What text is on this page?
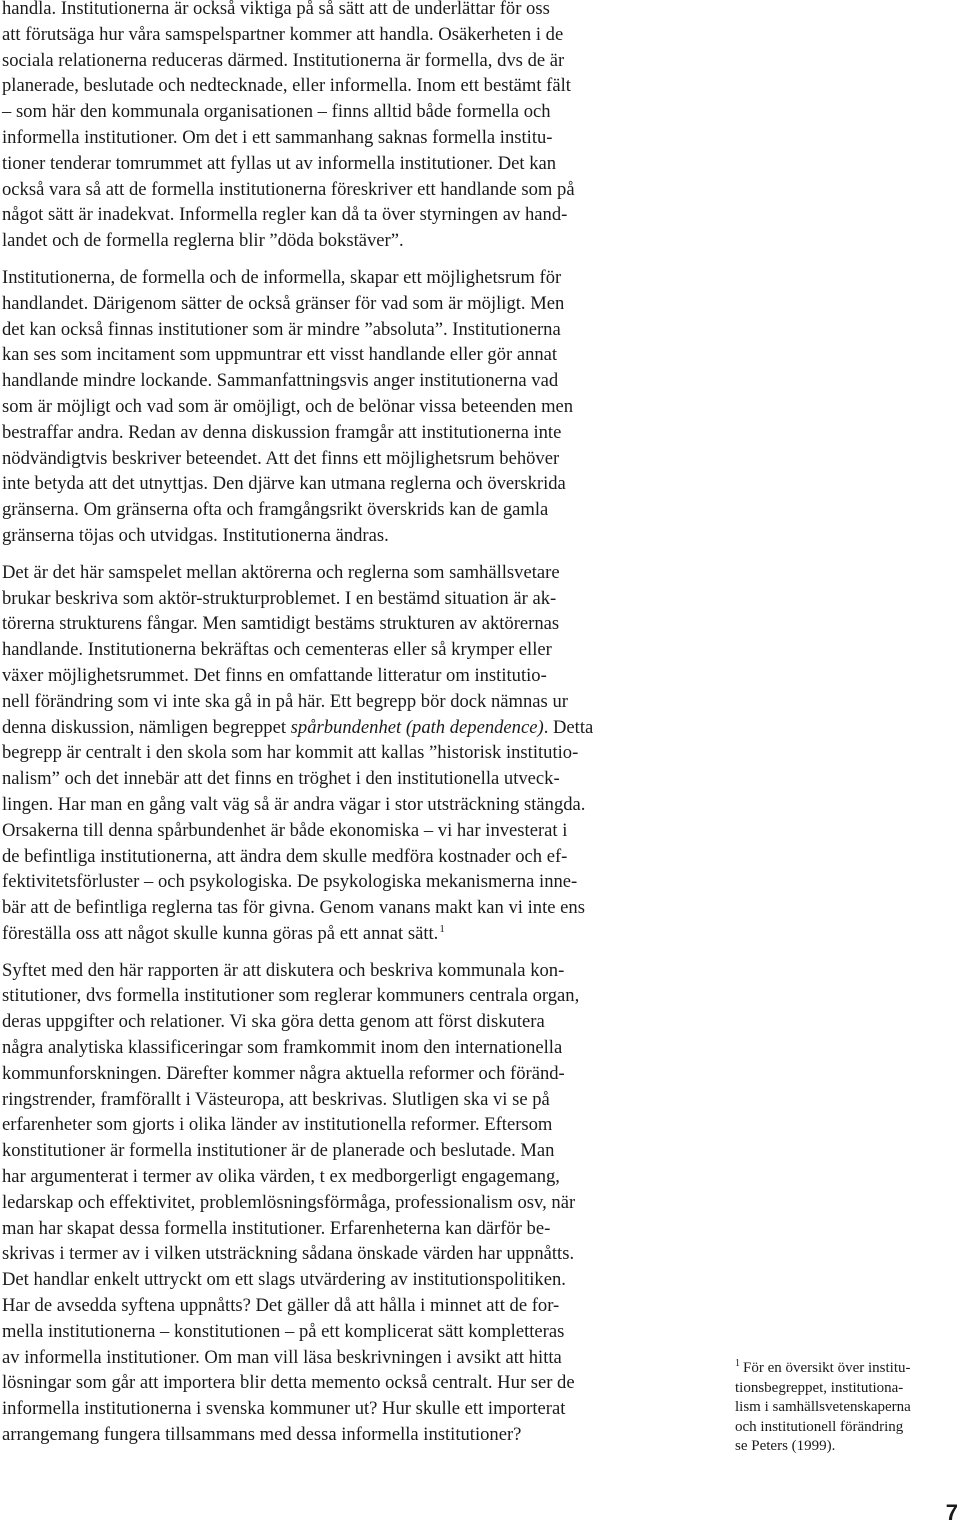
handla. Institutionerna är också viktiga på så sätt att de underlättar för oss
att förutsäga hur våra samspelspartner kommer att handla. Osäkerheten i de
sociala relationerna reduceras därmed. Institutionerna är formella, dvs de är
planerade, beslutade och nedtecknade, eller informella. Inom ett bestämt fält
– som här den kommunala organisationen – finns alltid både formella och
informella institutioner. Om det i ett sammanhang saknas formella institu-
tioner tenderar tomrummet att fyllas ut av informella institutioner. Det kan
också vara så att de formella institutionerna föreskriver ett handlande som på
något sätt är inadekvat. Informella regler kan då ta över styrningen av hand-
landet och de formella reglerna blir ”döda bokstäver”.

Institutionerna, de formella och de informella, skapar ett möjlighetsrum för
handlandet. Därigenom sätter de också gränser för vad som är möjligt. Men
det kan också finnas institutioner som är mindre ”absoluta”. Institutionerna
kan ses som incitament som uppmuntrar ett visst handlande eller gör annat
handlande mindre lockande. Sammanfattningsvis anger institutionerna vad
som är möjligt och vad som är omöjligt, och de belönar vissa beteenden men
bestraffar andra. Redan av denna diskussion framgår att institutionerna inte
nödvändigtvis beskriver beteendet. Att det finns ett möjlighetsrum behöver
inte betyda att det utnyttjas. Den djärve kan utmana reglerna och överskrida
gränserna. Om gränserna ofta och framgångsrikt överskrids kan de gamla
gränserna töjas och utvidgas. Institutionerna ändras.

Det är det här samspelet mellan aktörerna och reglerna som samhällsvetare
brukar beskriva som aktör-strukturproblemet. I en bestämd situation är ak-
törerna strukturens fångar. Men samtidigt bestäms strukturen av aktörernas
handlande. Institutionerna bekräftas och cementeras eller så krymper eller
växer möjlighetsrummet. Det finns en omfattande litteratur om institutio-
nell förändring som vi inte ska gå in på här. Ett begrepp bör dock nämnas ur
denna diskussion, nämligen begreppet spårbundenhet (path dependence). Detta
begrepp är centralt i den skola som har kommit att kallas ”historisk institutio-
nalism” och det innebär att det finns en tröghet i den institutionella utveck-
lingen. Har man en gång valt väg så är andra vägar i stor utsträckning stängda.
Orsakerna till denna spårbundenhet är både ekonomiska – vi har investerat i
de befintliga institutionerna, att ändra dem skulle medföra kostnader och ef-
fektivitetsförluster – och psykologiska. De psykologiska mekanismerna inne-
bär att de befintliga reglerna tas för givna. Genom vanans makt kan vi inte ens
föreställa oss att något skulle kunna göras på ett annat sätt.$^1$

Syftet med den här rapporten är att diskutera och beskriva kommunala kon-
stitutioner, dvs formella institutioner som reglerar kommuners centrala organ,
deras uppgifter och relationer. Vi ska göra detta genom att först diskutera
några analytiska klassificeringar som framkommit inom den internationella
kommunforskningen. Därefter kommer några aktuella reformer och föränd-
ringstrender, framförallt i Västeuropa, att beskrivas. Slutligen ska vi se på
erfarenheter som gjorts i olika länder av institutionella reformer. Eftersom
konstitutioner är formella institutioner är de planerade och beslutade. Man
har argumenterat i termer av olika värden, t ex medborgerligt engagemang,
ledarskap och effektivitet, problemlösningsförmåga, professionalism osv, när
man har skapat dessa formella institutioner. Erfarenheterna kan därför be-
skrivas i termer av i vilken utsträckning sådana önskade värden har uppnåtts.
Det handlar enkelt uttryckt om ett slags utvärdering av institutionspolitiken.
Har de avsedda syftena uppnåtts? Det gäller då att hålla i minnet att de for-
mella institutionerna – konstitutionen – på ett komplicerat sätt kompletteras
av informella institutioner. Om man vill läsa beskrivningen i avsikt att hitta
lösningar som går att importera blir detta memento också centralt. Hur ser de
informella institutionerna i svenska kommuner ut? Hur skulle ett importerat
arrangemang fungera tillsammans med dessa informella institutioner?

$^1$ För en översikt över institu-
tionsbegreppet, institutiona-
lism i samhällsvetenskaperna
och institutionell förändring
se Peters (1999).
7
